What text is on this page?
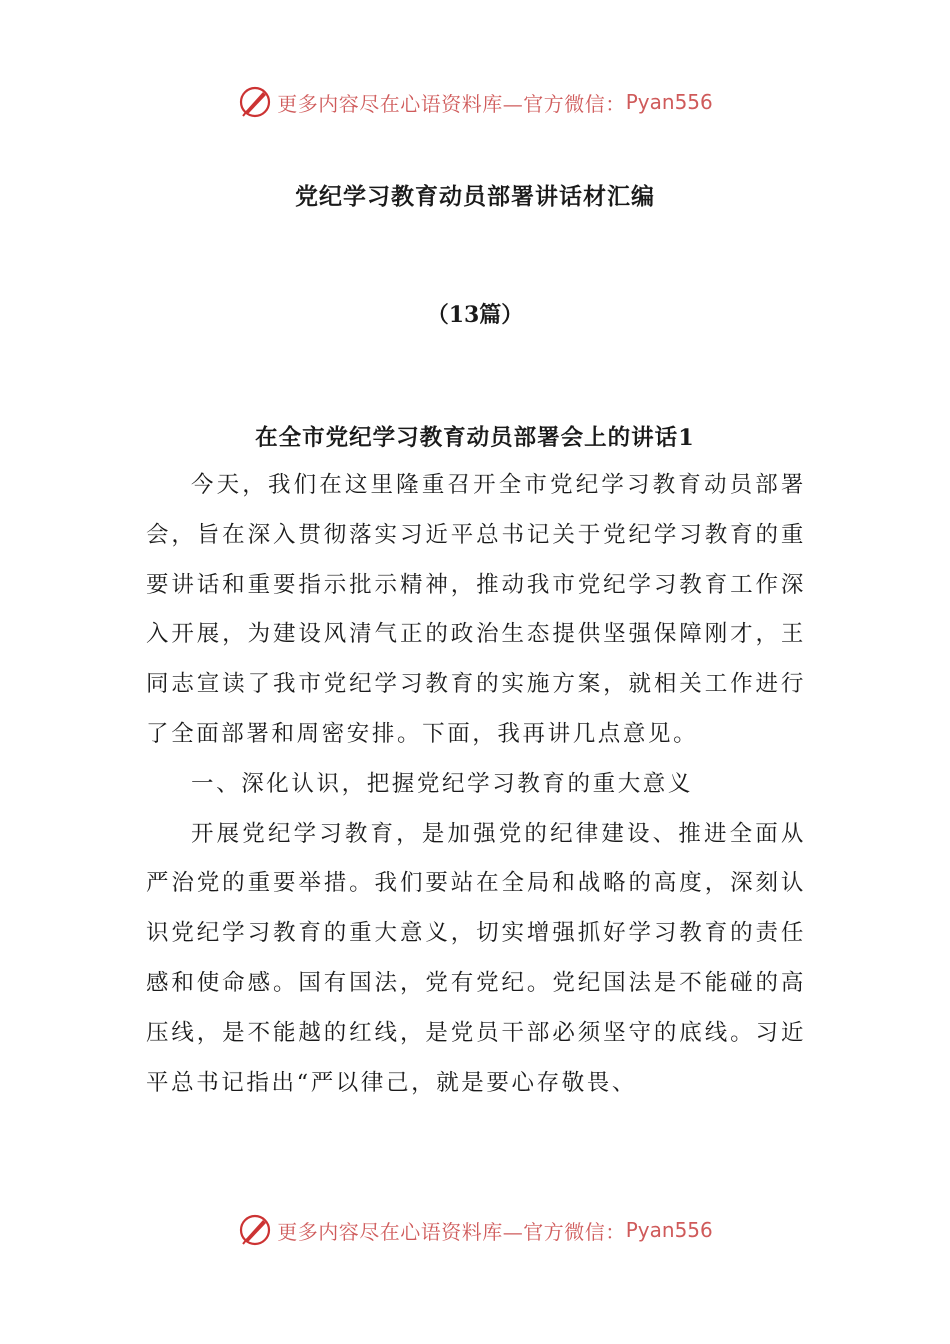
更多内容尽在心语资料库—官方微信： Pyan556
党纪学习教育动员部署讲话材汇编
（13篇）
在全市党纪学习教育动员部署会上的讲话1

今天，我们在这里隆重召开全市党纪学习教育动员部署会，旨在深入贯彻落实习近平总书记关于党纪学习教育的重要讲话和重要指示批示精神，推动我市党纪学习教育工作深入开展，为建设风清气正的政治生态提供坚强保障刚才，王同志宣读了我市党纪学习教育的实施方案，就相关工作进行了全面部署和周密安排。下面，我再讲几点意见。

一、深化认识，把握党纪学习教育的重大意义

开展党纪学习教育，是加强党的纪律建设、推进全面从严治党的重要举措。我们要站在全局和战略的高度，深刻认识党纪学习教育的重大意义，切实增强抓好学习教育的责任感和使命感。国有国法，党有党纪。党纪国法是不能碰的高压线，是不能越的红线，是党员干部必须坚守的底线。习近平总书记指出“严以律己，就是要心存敬畏、

更多内容尽在心语资料库—官方微信： Pyan556
